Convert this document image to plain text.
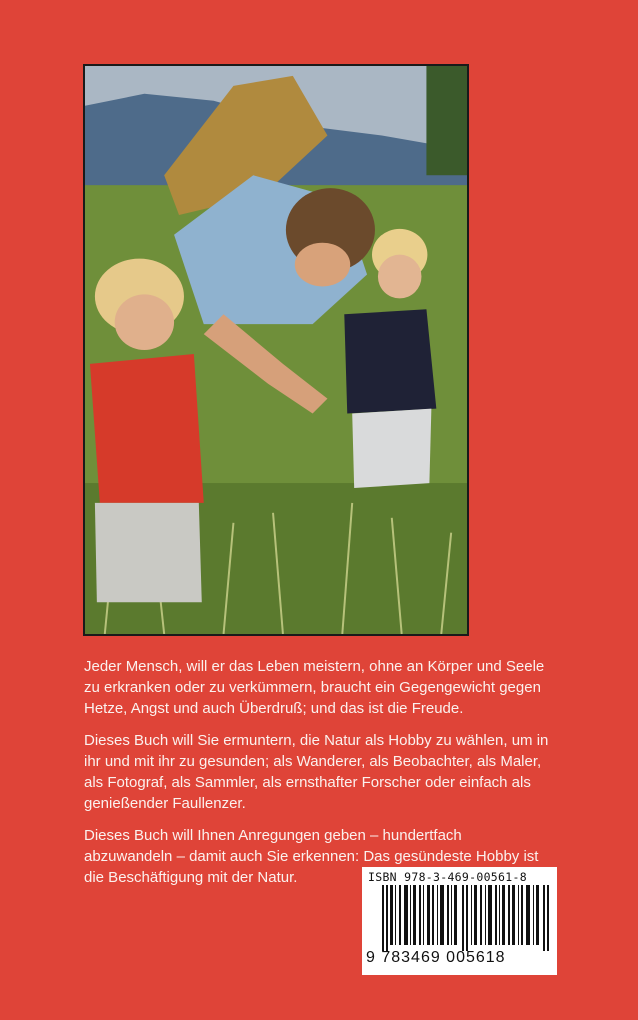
Jeder Mensch, will er das Leben meistern, ohne an Körper und Seele zu erkranken oder zu verkümmern, braucht ein Gegengewicht gegen Hetze, Angst und auch Überdruß; und das ist die Freude.

Dieses Buch will Sie ermuntern, die Natur als Hobby zu wählen, um in ihr und mit ihr zu gesunden; als Wanderer, als Beobachter, als Maler, als Fotograf, als Sammler, als ernsthafter Forscher oder einfach als genießender Faullenzer.

Dieses Buch will Ihnen Anregungen geben – hundertfach abzuwandeln – damit auch Sie erkennen: Das gesündeste Hobby ist die Beschäftigung mit der Natur.	ISBN 978-3-469-00561-8
9 783469 005618
